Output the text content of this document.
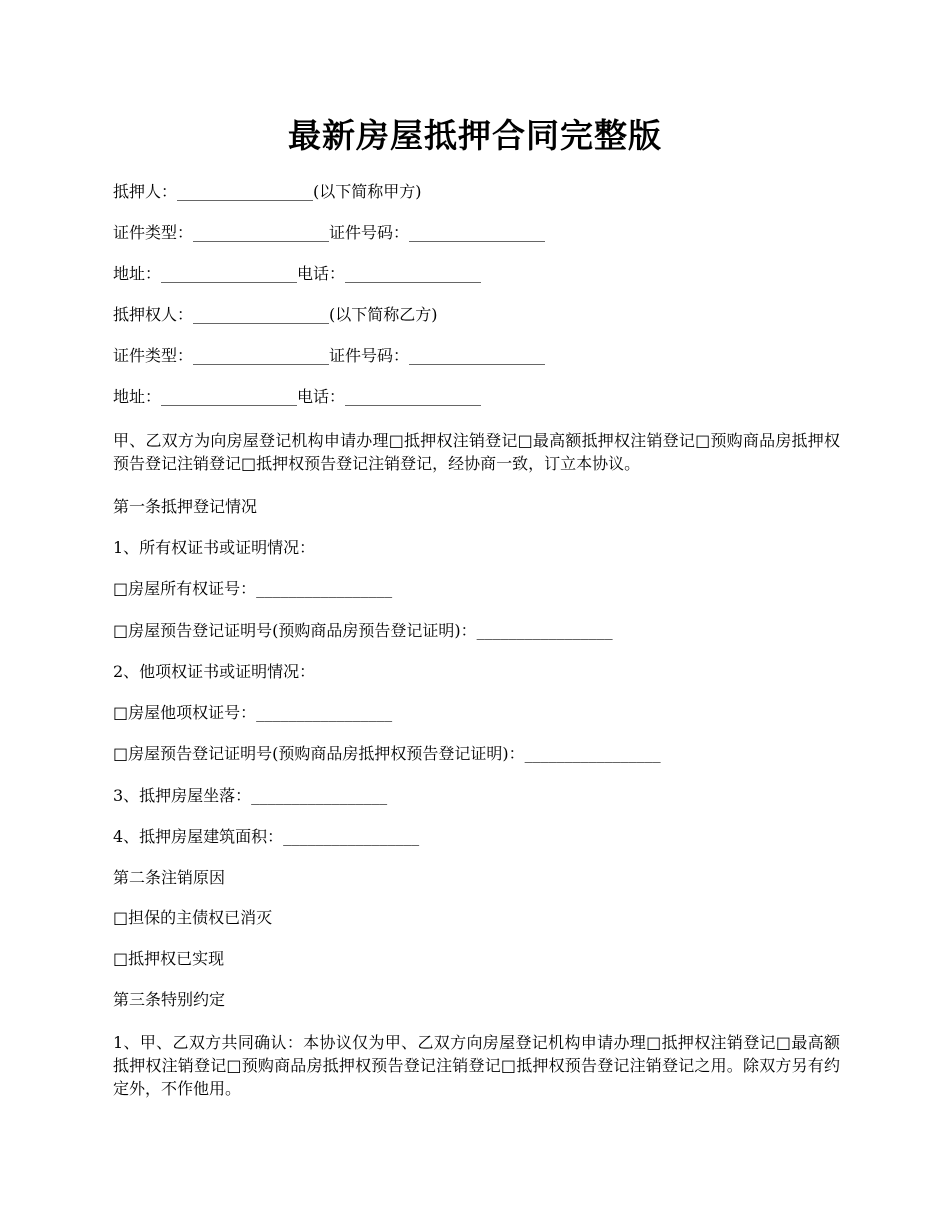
最新房屋抵押合同完整版
抵押人：_________________(以下简称甲方)
证件类型：_________________证件号码：_________________
地址：_________________电话：_________________
抵押权人：_________________(以下简称乙方)
证件类型：_________________证件号码：_________________
地址：_________________电话：_________________
甲、乙双方为向房屋登记机构申请办理□抵押权注销登记□最高额抵押权注销登记□预购商品房抵押权预告登记注销登记□抵押权预告登记注销登记，经协商一致，订立本协议。
第一条抵押登记情况
1、所有权证书或证明情况：
□房屋所有权证号：_________________
□房屋预告登记证明号(预购商品房预告登记证明)：_________________
2、他项权证书或证明情况：
□房屋他项权证号：_________________
□房屋预告登记证明号(预购商品房抵押权预告登记证明)：_________________
3、抵押房屋坐落：_________________
4、抵押房屋建筑面积：_________________
第二条注销原因
□担保的主债权已消灭
□抵押权已实现
第三条特别约定
1、甲、乙双方共同确认：本协议仅为甲、乙双方向房屋登记机构申请办理□抵押权注销登记□最高额抵押权注销登记□预购商品房抵押权预告登记注销登记□抵押权预告登记注销登记之用。除双方另有约定外，不作他用。
